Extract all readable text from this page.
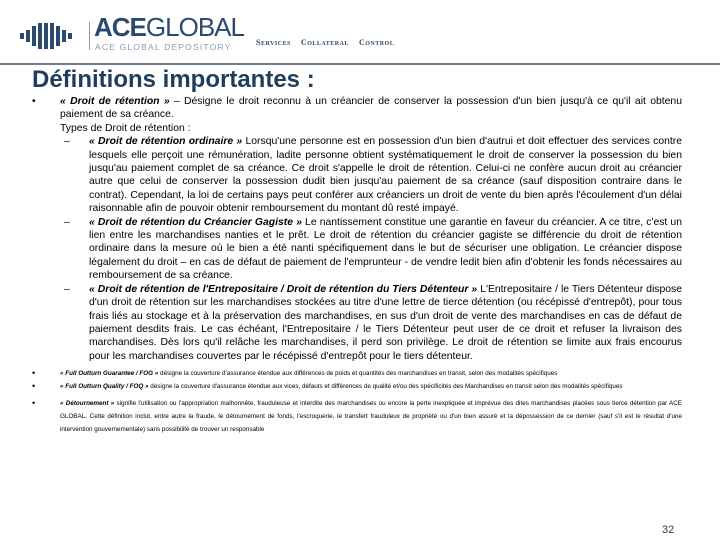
ACEGLOBAL
ACE GLOBAL DEPOSITORY	Services Collateral Control
Définitions importantes :
• « Droit de rétention » – Désigne le droit reconnu à un créancier de conserver la possession d'un bien jusqu'à ce qu'il ait obtenu paiement de sa créance.
Types de Droit de rétention :
– « Droit de rétention ordinaire » Lorsqu'une personne est en possession d'un bien d'autrui et doit effectuer des services contre lesquels elle perçoit une rémunération, ladite personne obtient systématiquement le droit de conserver la possession du bien jusqu'au paiement complet de sa créance. Ce droit s'appelle le droit de rétention. Celui-ci ne confère aucun droit au créancier autre que celui de conserver la possession dudit bien jusqu'au paiement de sa créance (sauf disposition contraire dans le contrat). Cependant, la loi de certains pays peut conférer aux créanciers un droit de vente du bien après l'écoulement d'un délai raisonnable afin de pouvoir obtenir remboursement du montant dû resté impayé.
– « Droit de rétention du Créancier Gagiste » Le nantissement constitue une garantie en faveur du créancier. A ce titre, c'est un lien entre les marchandises nanties et le prêt. Le droit de rétention du créancier gagiste se différencie du droit de rétention ordinaire dans la mesure où le bien a été nanti spécifiquement dans le but de sécuriser une obligation. Le créancier dispose légalement du droit – en cas de défaut de paiement de l'emprunteur - de vendre ledit bien afin d'obtenir les fonds nécessaires au remboursement de sa créance.
– « Droit de rétention de l'Entrepositaire / Droit de rétention du Tiers Détenteur » L'Entrepositaire / le Tiers Détenteur dispose d'un droit de rétention sur les marchandises stockées au titre d'une lettre de tierce détention (ou récépissé d'entrepôt), pour tous frais liés au stockage et à la préservation des marchandises, en sus d'un droit de vente des marchandises en cas de défaut de paiement desdits frais. Le cas échéant, l'Entrepositaire / le Tiers Détenteur peut user de ce droit et refuser la livraison des marchandises. Dès lors qu'il relâche les marchandises, il perd son privilège. Le droit de rétention se limite aux frais encourus pour les marchandises couvertes par le récépissé d'entrepôt pour le tiers détenteur.
•	« Full Outturn Guarantee / FOG » désigne la couverture d'assurance étendue aux différences de poids et quantités des marchandises en transit, selon des modalités spécifiques
•	« Full Outturn Quality / FOQ » désigne la couverture d'assurance étendue aux vices, défauts et différences de qualité et/ou des spécificités des Marchandises en transit selon des modalités spécifiques
•	« Détournement » signifie l'utilisation ou l'appropriation malhonnête, frauduleuse et interdite des marchandises ou encore la perte inexpliquée et imprévue des dites marchandises placées sous tierce détention par ACE GLOBAL. Cette définition inclut, entre autre la fraude, le détournement de fonds, l'escroquerie, le transfert frauduleux de propriété ou d'un bien assuré et la dépossession de ce dernier (sauf s'il est le résultat d'une intervention gouvernementale) sans possibilité de trouver un responsable
32
